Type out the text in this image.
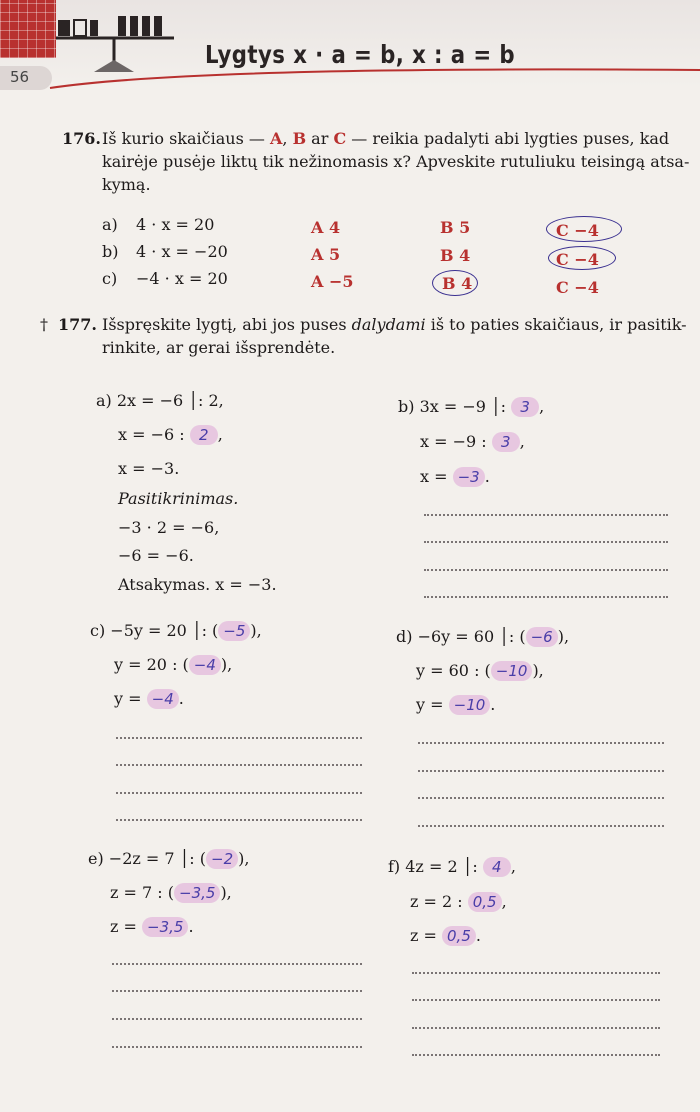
56
Lygtys x · a = b, x : a = b
176. Iš kurio skaičiaus — A, B ar C — reikia padalyti abi lygties puses, kad
kairėje pusėje liktų tik nežinomasis x? Apveskite rutuliuku teisingą atsa-
kymą.
a) 4 · x = 20	A 4	B 5	C −4
b) 4 · x = −20	A 5	B 4	C −4
c) −4 · x = 20	A −5	B 4	C −4
† 177. Išspręskite lygtį, abi jos puses dalydami iš to paties skaičiaus, ir pasitik-
rinkite, ar gerai išsprendėte.
a) 2x = −6 │: 2,
x = −6 : 2 ,
x = −3.
Pasitikrinimas.
−3 · 2 = −6,
−6 = −6.
Atsakymas. x = −3.
b) 3x = −9 │: 3 ,
x = −9 : 3 ,
x = −3 .
c) −5y = 20 │: ( −5 ),
y = 20 : ( −4 ),
y = −4 .
d) −6y = 60 │: ( −6 ),
y = 60 : ( −10 ),
y = −10 .
e) −2z = 7 │: ( −2 ),
z = 7 : ( −3,5 ),
z = −3,5 .
f) 4z = 2 │: 4 ,
z = 2 : 0,5 ,
z = 0,5 .
